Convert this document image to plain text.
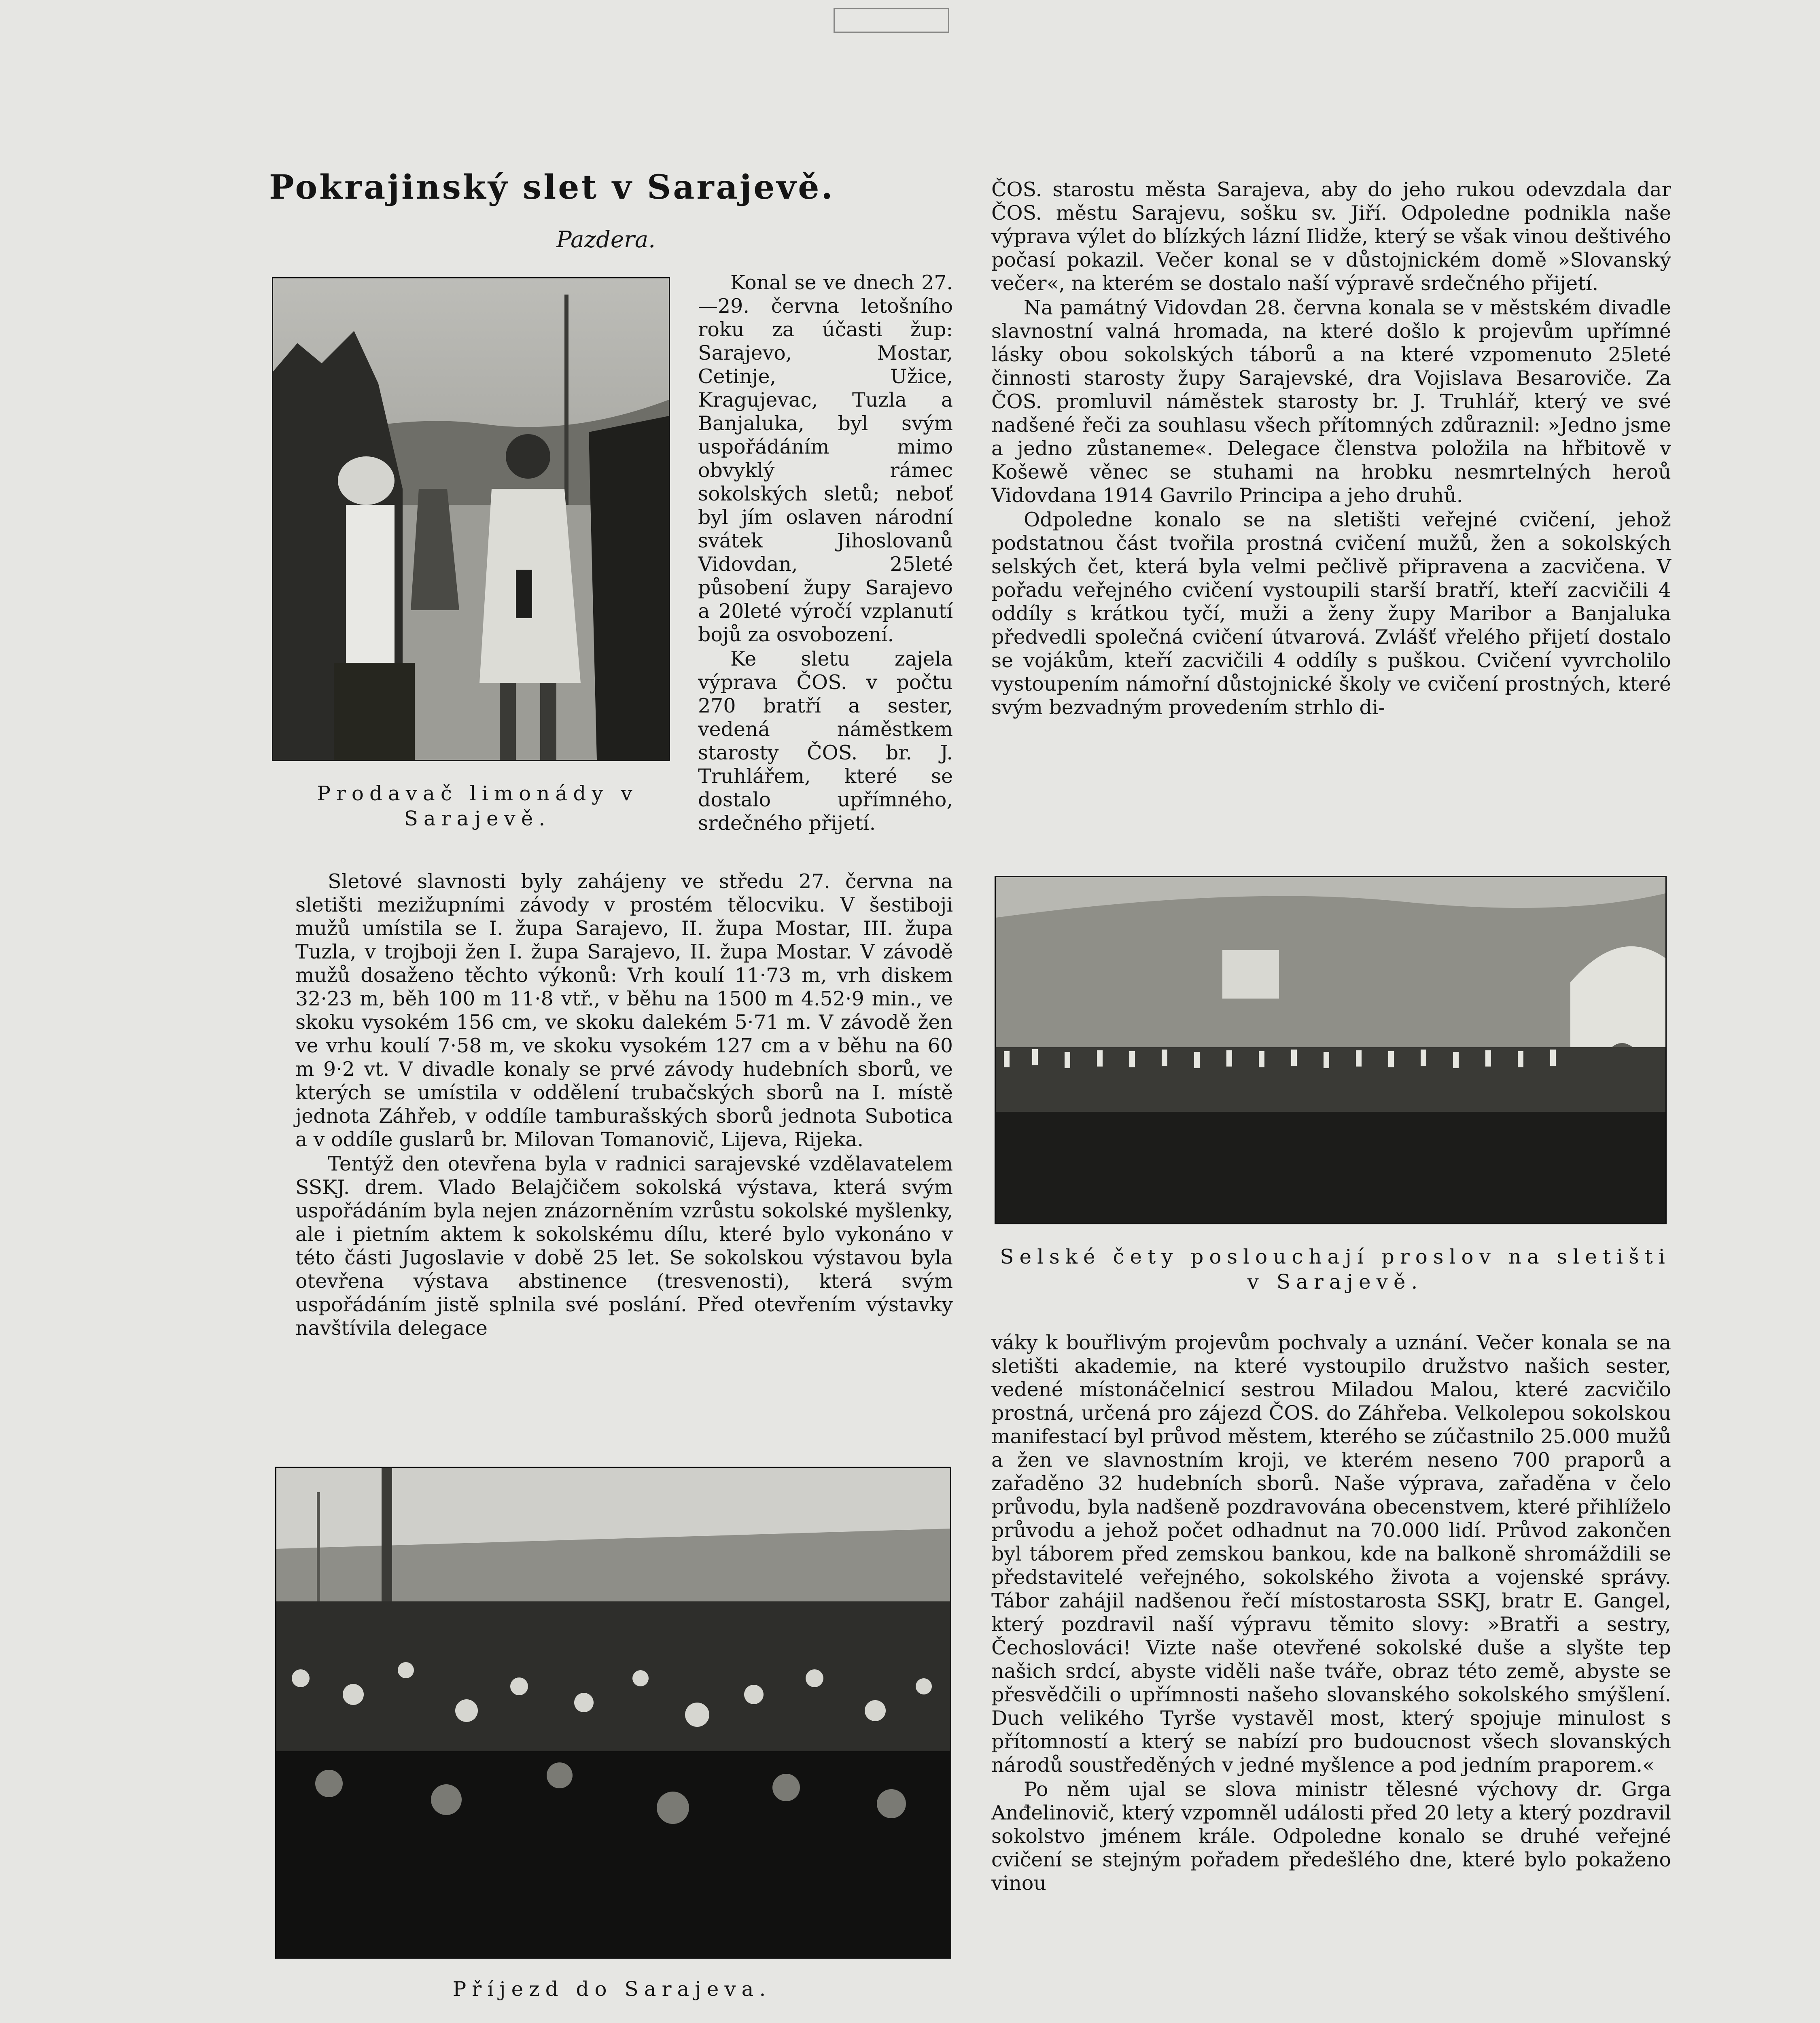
Pokrajinský slet v Sarajevě.
Pazdera.
Prodavač limonády v Sarajevě.

Konal se ve dnech 27.—29. června letošního roku za účasti žup: Sarajevo, Mostar, Cetinje, Užice, Kragujevac, Tuzla a Banjaluka, byl svým uspořádáním mimo obvyklý rámec sokolských sletů; neboť byl jím oslaven národní svátek Jihoslovanů Vidovdan, 25leté působení župy Sarajevo a 20leté výročí vzplanutí bojů za osvobození.

Ke sletu zajela výprava ČOS. v počtu 270 bratří a sester, vedená náměstkem starosty ČOS. br. J. Truhlářem, které se dostalo upřímného, srdečného přijetí.

Sletové slavnosti byly zahájeny ve středu 27. června na sletišti mezižupními závody v prostém tělocviku. V šestiboji mužů umístila se I. župa Sarajevo, II. župa Mostar, III. župa Tuzla, v trojboji žen I. župa Sarajevo, II. župa Mostar. V závodě mužů dosaženo těchto výkonů: Vrh koulí 11·73 m, vrh diskem 32·23 m, běh 100 m 11·8 vtř., v běhu na 1500 m 4.52·9 min., ve skoku vysokém 156 cm, ve skoku dalekém 5·71 m. V závodě žen ve vrhu koulí 7·58 m, ve skoku vysokém 127 cm a v běhu na 60 m 9·2 vt. V divadle konaly se prvé závody hudebních sborů, ve kterých se umístila v oddělení trubačských sborů na I. místě jednota Záhřeb, v oddíle tamburašských sborů jednota Subotica a v oddíle guslarů br. Milovan Tomanovič, Lijeva, Rijeka.

Tentýž den otevřena byla v radnici sarajevské vzdělavatelem SSKJ. drem. Vlado Belajčičem sokolská výstava, která svým uspořádáním byla nejen znázorněním vzrůstu sokolské myšlenky, ale i pietním aktem k sokolskému dílu, které bylo vykonáno v této části Jugoslavie v době 25 let. Se sokolskou výstavou byla otevřena výstava abstinence (tresvenosti), která svým uspořádáním jistě splnila své poslání. Před otevřením výstavky navštívila delegace

Příjezd do Sarajeva.

ČOS. starostu města Sarajeva, aby do jeho rukou odevzdala dar ČOS. městu Sarajevu, sošku sv. Jiří. Odpoledne podnikla naše výprava výlet do blízkých lázní Ilidže, který se však vinou deštivého počasí pokazil. Večer konal se v důstojnickém domě »Slovanský večer«, na kterém se dostalo naší výpravě srdečného přijetí.

Na památný Vidovdan 28. června konala se v městském divadle slavnostní valná hromada, na které došlo k projevům upřímné lásky obou sokolských táborů a na které vzpomenuto 25leté činnosti starosty župy Sarajevské, dra Vojislava Besaroviče. Za ČOS. promluvil náměstek starosty br. J. Truhlář, který ve své nadšené řeči za souhlasu všech přítomných zdůraznil: »Jedno jsme a jedno zůstaneme«. Delegace členstva položila na hřbitově v Košewě věnec se stuhami na hrobku nesmrtelných heroů Vidovdana 1914 Gavrilo Principa a jeho druhů.

Odpoledne konalo se na sletišti veřejné cvičení, jehož podstatnou část tvořila prostná cvičení mužů, žen a sokolských selských čet, která byla velmi pečlivě připravena a zacvičena. V pořadu veřejného cvičení vystoupili starší bratří, kteří zacvičili 4 oddíly s krátkou tyčí, muži a ženy župy Maribor a Banjaluka předvedli společná cvičení útvarová. Zvlášť vřelého přijetí dostalo se vojákům, kteří zacvičili 4 oddíly s puškou. Cvičení vyvrcholilo vystoupením námořní důstojnické školy ve cvičení prostných, které svým bezvadným provedením strhlo di-

Selské čety poslouchají proslov na sletišti v Sarajevě.

váky k bouřlivým projevům pochvaly a uznání. Večer konala se na sletišti akademie, na které vystoupilo družstvo našich sester, vedené místonáčelnicí sestrou Miladou Malou, které zacvičilo prostná, určená pro zájezd ČOS. do Záhřeba. Velkolepou sokolskou manifestací byl průvod městem, kterého se zúčastnilo 25.000 mužů a žen ve slavnostním kroji, ve kterém neseno 700 praporů a zařaděno 32 hudebních sborů. Naše výprava, zařaděna v čelo průvodu, byla nadšeně pozdravována obecenstvem, které přihlíželo průvodu a jehož počet odhadnut na 70.000 lidí. Průvod zakončen byl táborem před zemskou bankou, kde na balkoně shromáždili se představitelé veřejného, sokolského života a vojenské správy. Tábor zahájil nadšenou řečí místostarosta SSKJ, bratr E. Gangel, který pozdravil naší výpravu těmito slovy: »Bratři a sestry, Čechoslováci! Vizte naše otevřené sokolské duše a slyšte tep našich srdcí, abyste viděli naše tváře, obraz této země, abyste se přesvědčili o upřímnosti našeho slovanského sokolského smýšlení. Duch velikého Tyrše vystavěl most, který spojuje minulost s přítomností a který se nabízí pro budoucnost všech slovanských národů soustředěných v jedné myšlence a pod jedním praporem.«

Po něm ujal se slova ministr tělesné výchovy dr. Grga Anđelinovič, který vzpomněl události před 20 lety a který pozdravil sokolstvo jménem krále. Odpoledne konalo se druhé veřejné cvičení se stejným pořadem předešlého dne, které bylo pokaženo vinou
